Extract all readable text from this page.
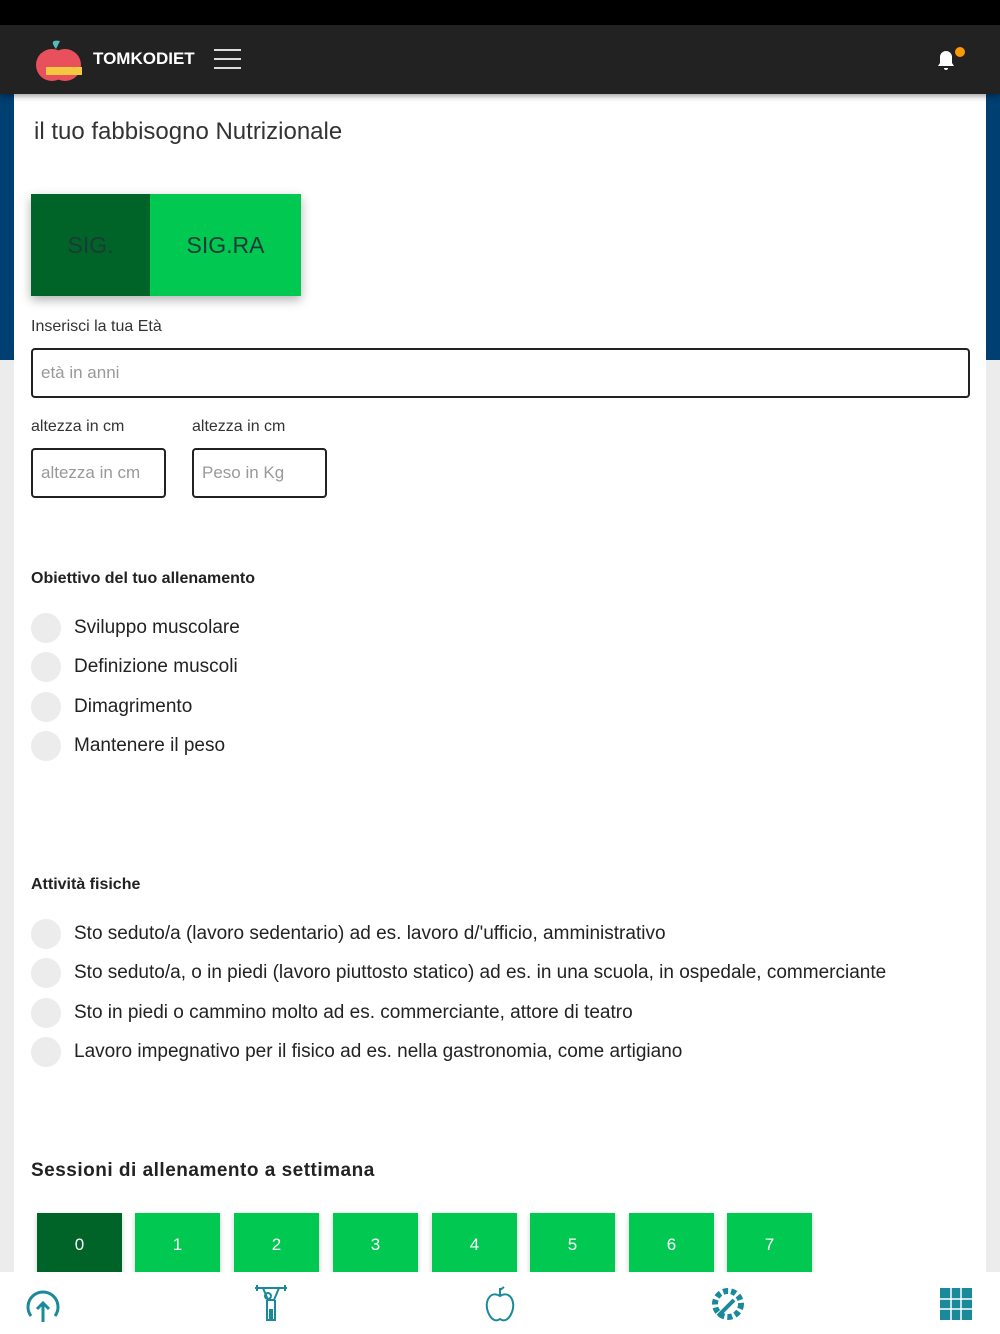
TOMKODIET
il tuo fabbisogno Nutrizionale
SIG.	SIG.RA
Inserisci la tua Età
età in anni
altezza in cm	altezza in cm
altezza in cm	Peso in Kg
Obiettivo del tuo allenamento
Sviluppo muscolare
Definizione muscoli
Dimagrimento
Mantenere il peso
Attività fisiche
Sto seduto/a (lavoro sedentario) ad es. lavoro d/'ufficio, amministrativo
Sto seduto/a, o in piedi (lavoro piuttosto statico) ad es. in una scuola, in ospedale, commerciante
Sto in piedi o cammino molto ad es. commerciante, attore di teatro
Lavoro impegnativo per il fisico ad es. nella gastronomia, come artigiano
Sessioni di allenamento a settimana
0	1	2	3	4	5	6	7
